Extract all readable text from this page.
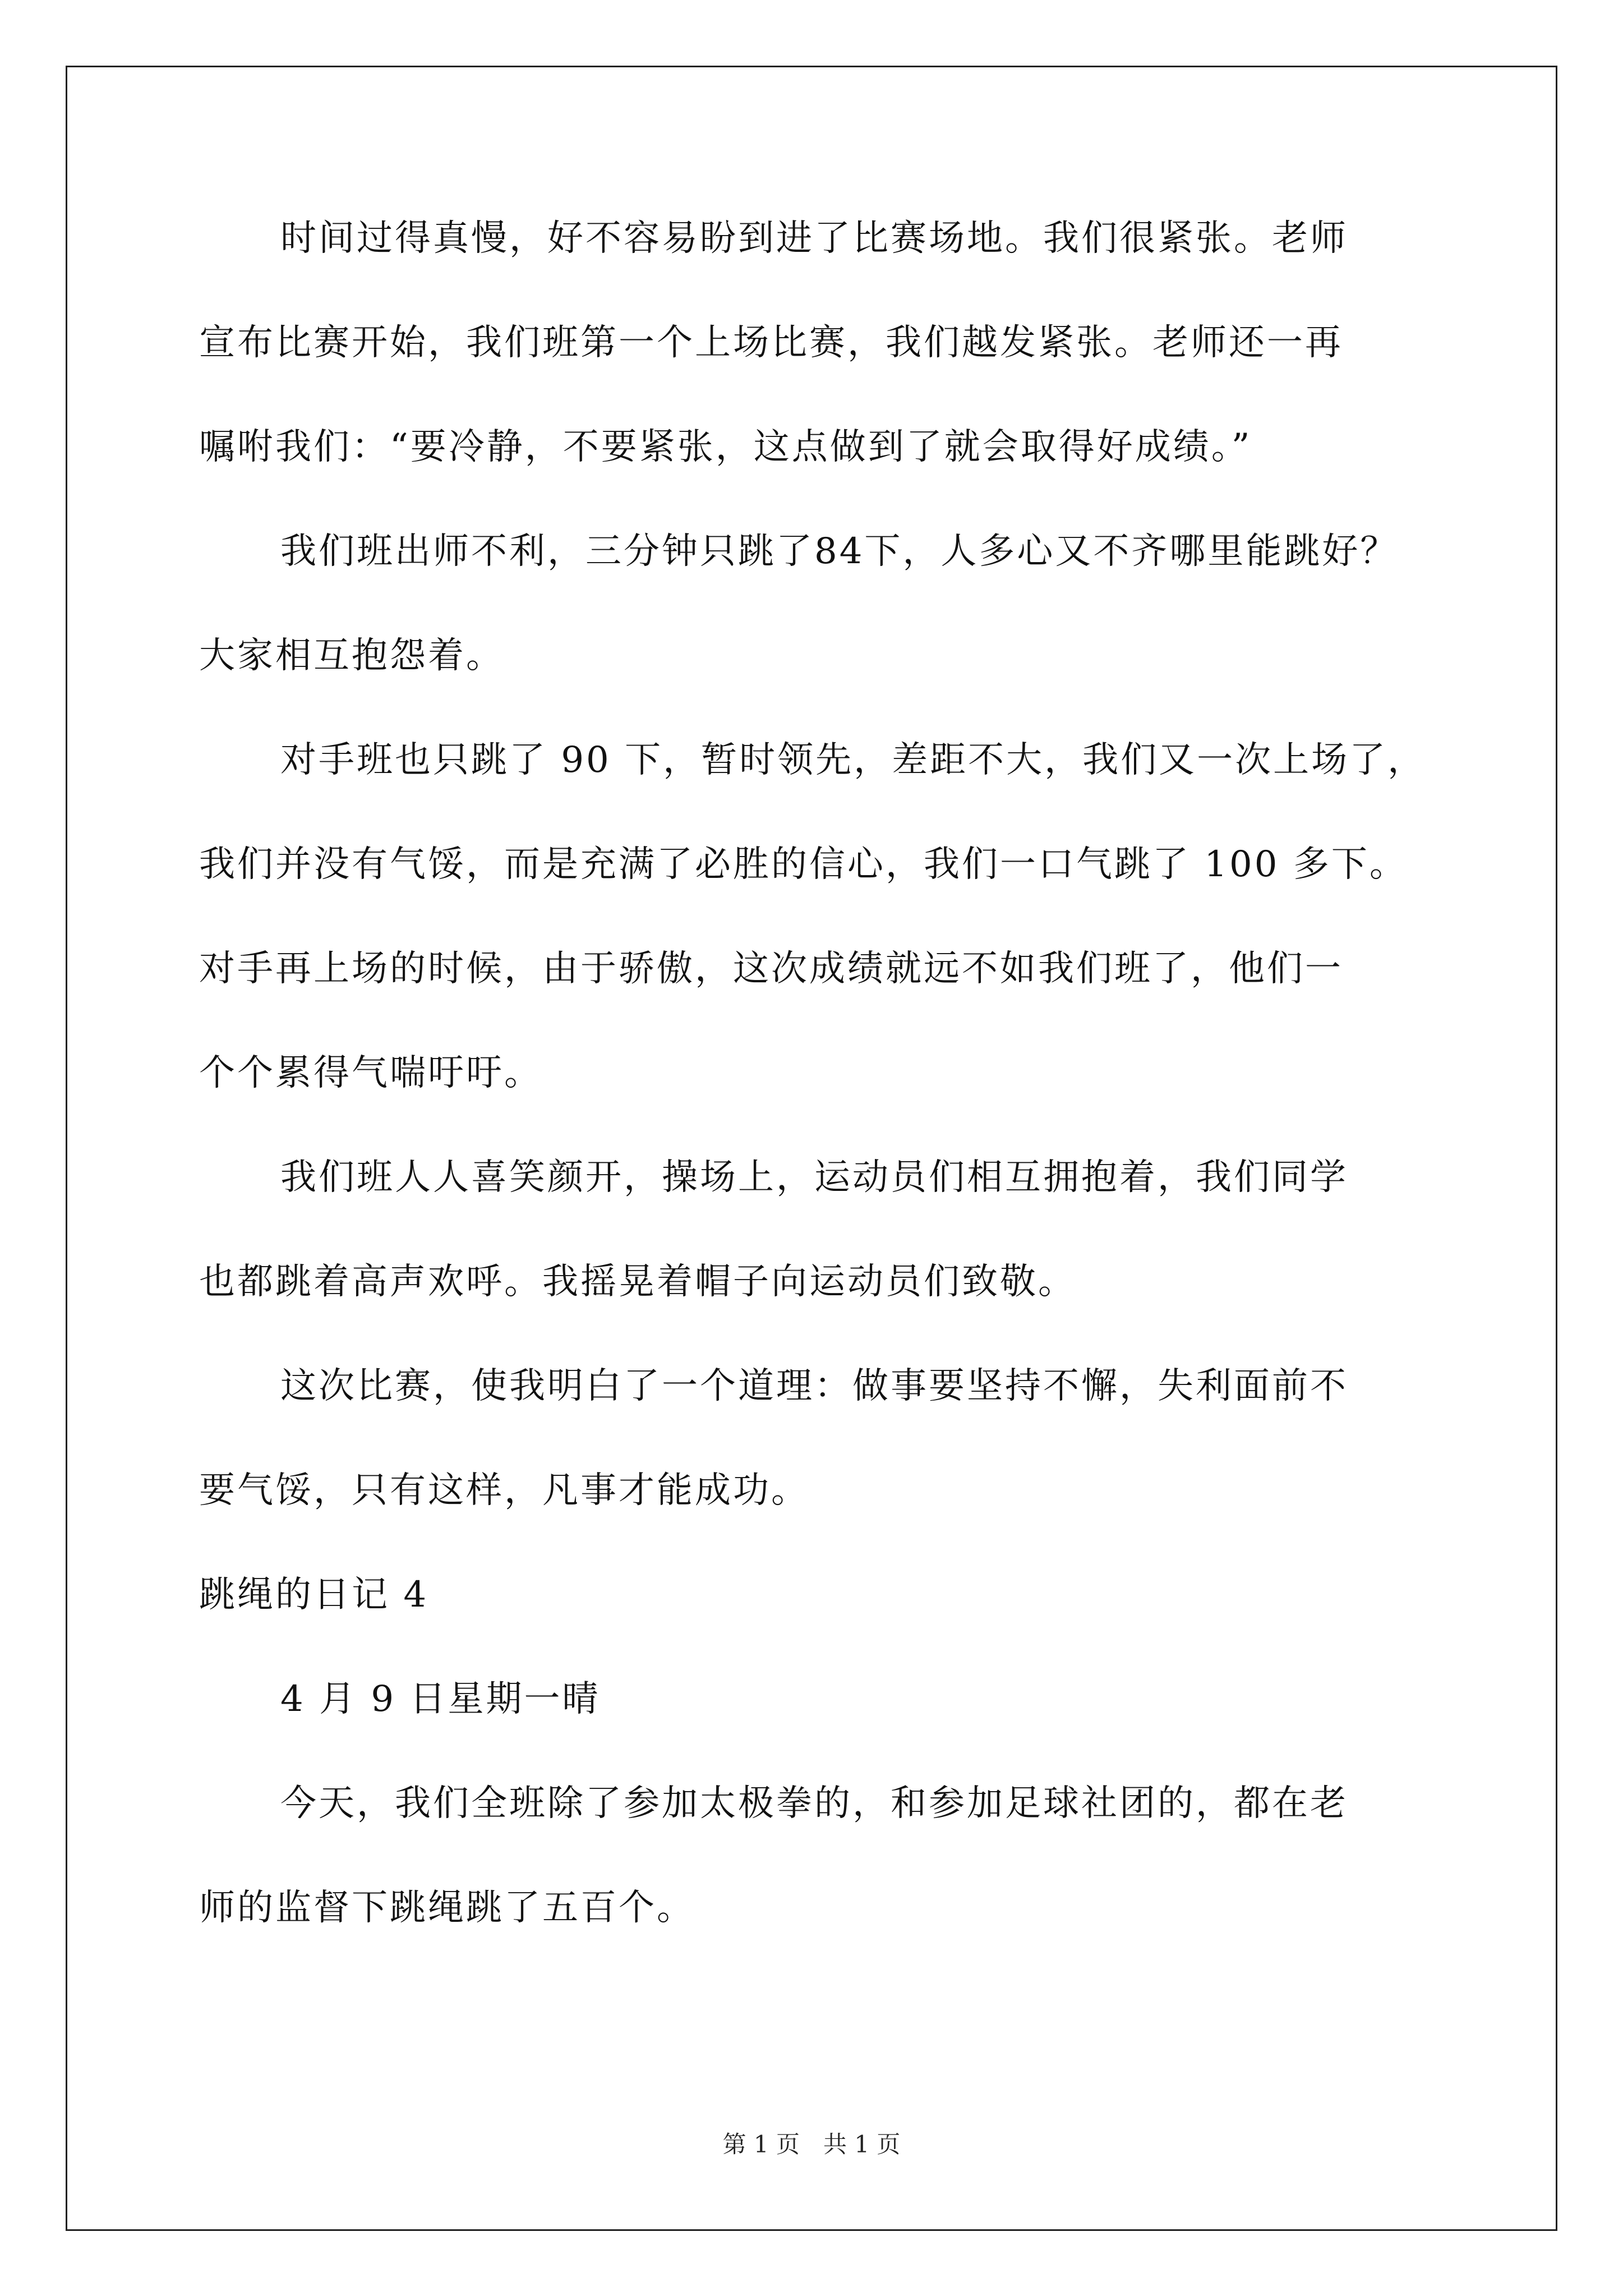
时间过得真慢，好不容易盼到进了比赛场地。我们很紧张。老师
宣布比赛开始，我们班第一个上场比赛，我们越发紧张。老师还一再
嘱咐我们：“要冷静，不要紧张，这点做到了就会取得好成绩。”
我们班出师不利，三分钟只跳了84下，人多心又不齐哪里能跳好？
大家相互抱怨着。
对手班也只跳了 90 下，暂时领先，差距不大，我们又一次上场了，
我们并没有气馁，而是充满了必胜的信心，我们一口气跳了 100 多下。
对手再上场的时候，由于骄傲，这次成绩就远不如我们班了，他们一
个个累得气喘吁吁。
我们班人人喜笑颜开，操场上，运动员们相互拥抱着，我们同学
也都跳着高声欢呼。我摇晃着帽子向运动员们致敬。
这次比赛，使我明白了一个道理：做事要坚持不懈，失利面前不
要气馁，只有这样，凡事才能成功。
跳绳的日记 4
4 月 9 日星期一晴
今天，我们全班除了参加太极拳的，和参加足球社团的，都在老
师的监督下跳绳跳了五百个。
第 1 页　共 1 页
